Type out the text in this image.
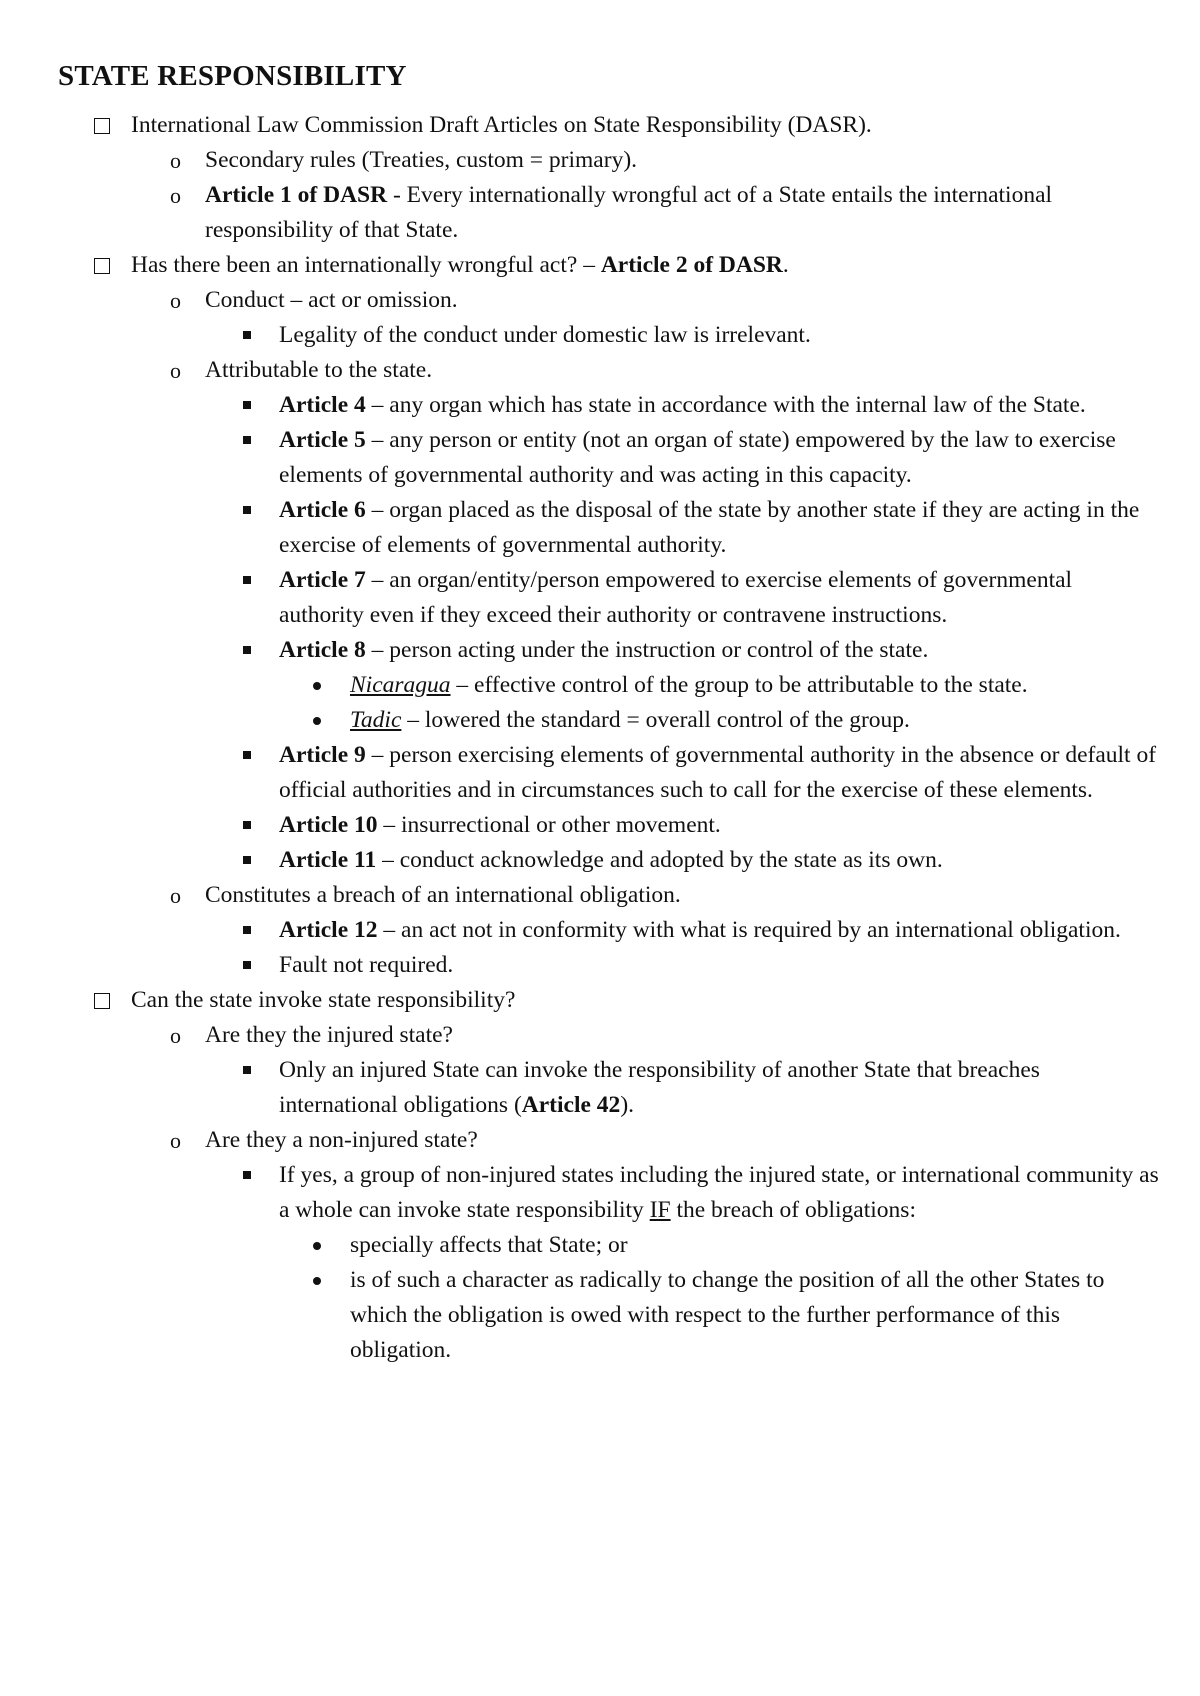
STATE RESPONSIBILITY
International Law Commission Draft Articles on State Responsibility (DASR).
o Secondary rules (Treaties, custom = primary).
o Article 1 of DASR - Every internationally wrongful act of a State entails the international responsibility of that State.
Has there been an internationally wrongful act? – Article 2 of DASR.
o Conduct – act or omission.
Legality of the conduct under domestic law is irrelevant.
o Attributable to the state.
Article 4 – any organ which has state in accordance with the internal law of the State.
Article 5 – any person or entity (not an organ of state) empowered by the law to exercise elements of governmental authority and was acting in this capacity.
Article 6 – organ placed as the disposal of the state by another state if they are acting in the exercise of elements of governmental authority.
Article 7 – an organ/entity/person empowered to exercise elements of governmental authority even if they exceed their authority or contravene instructions.
Article 8 – person acting under the instruction or control of the state.
Nicaragua – effective control of the group to be attributable to the state.
Tadic – lowered the standard = overall control of the group.
Article 9 – person exercising elements of governmental authority in the absence or default of official authorities and in circumstances such to call for the exercise of these elements.
Article 10 – insurrectional or other movement.
Article 11 – conduct acknowledge and adopted by the state as its own.
o Constitutes a breach of an international obligation.
Article 12 – an act not in conformity with what is required by an international obligation.
Fault not required.
Can the state invoke state responsibility?
o Are they the injured state?
Only an injured State can invoke the responsibility of another State that breaches international obligations (Article 42).
o Are they a non-injured state?
If yes, a group of non-injured states including the injured state, or international community as a whole can invoke state responsibility IF the breach of obligations:
specially affects that State; or
is of such a character as radically to change the position of all the other States to which the obligation is owed with respect to the further performance of this obligation.
